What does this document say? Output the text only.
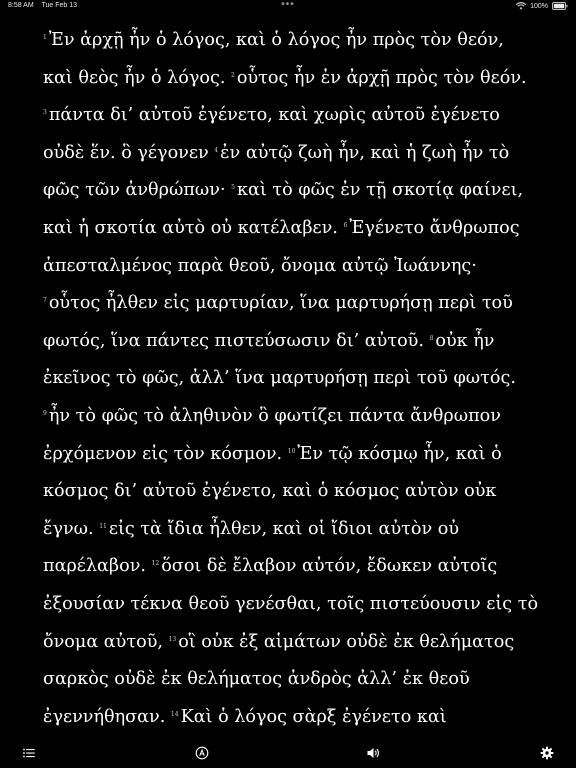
8:58 AM Tue Feb 13	•••	100%
$^1$ Ἐν ἀρχῇ ἦν ὁ λόγος, καὶ ὁ λόγος ἦν πρὸς τὸν θεόν,
καὶ θεὸς ἦν ὁ λόγος. $^2$ οὗτος ἦν ἐν ἀρχῇ πρὸς τὸν θεόν.
$^3$ πάντα δι’ αὐτοῦ ἐγένετο, καὶ χωρὶς αὐτοῦ ἐγένετο
οὐδὲ ἕν. ὃ γέγονεν $^4$ ἐν αὐτῷ ζωὴ ἦν, καὶ ἡ ζωὴ ἦν τὸ
φῶς τῶν ἀνθρώπων· $^5$ καὶ τὸ φῶς ἐν τῇ σκοτίᾳ φαίνει,
καὶ ἡ σκοτία αὐτὸ οὐ κατέλαβεν. $^6$ Ἐγένετο ἄνθρωπος
ἀπεσταλμένος παρὰ θεοῦ, ὄνομα αὐτῷ Ἰωάννης·
$^7$ οὗτος ἦλθεν εἰς μαρτυρίαν, ἵνα μαρτυρήσῃ περὶ τοῦ
φωτός, ἵνα πάντες πιστεύσωσιν δι’ αὐτοῦ. $^8$ οὐκ ἦν
ἐκεῖνος τὸ φῶς, ἀλλ’ ἵνα μαρτυρήσῃ περὶ τοῦ φωτός.
$^9$ ἦν τὸ φῶς τὸ ἀληθινὸν ὃ φωτίζει πάντα ἄνθρωπον
ἐρχόμενον εἰς τὸν κόσμον. $^{10}$ Ἐν τῷ κόσμῳ ἦν, καὶ ὁ
κόσμος δι’ αὐτοῦ ἐγένετο, καὶ ὁ κόσμος αὐτὸν οὐκ
ἔγνω. $^{11}$ εἰς τὰ ἴδια ἦλθεν, καὶ οἱ ἴδιοι αὐτὸν οὐ
παρέλαβον. $^{12}$ ὅσοι δὲ ἔλαβον αὐτόν, ἔδωκεν αὐτοῖς
ἐξουσίαν τέκνα θεοῦ γενέσθαι, τοῖς πιστεύουσιν εἰς τὸ
ὄνομα αὐτοῦ, $^{13}$ οἳ οὐκ ἐξ αἱμάτων οὐδὲ ἐκ θελήματος
σαρκὸς οὐδὲ ἐκ θελήματος ἀνδρὸς ἀλλ’ ἐκ θεοῦ
ἐγεννήθησαν. $^{14}$ Καὶ ὁ λόγος σὰρξ ἐγένετο καὶ
